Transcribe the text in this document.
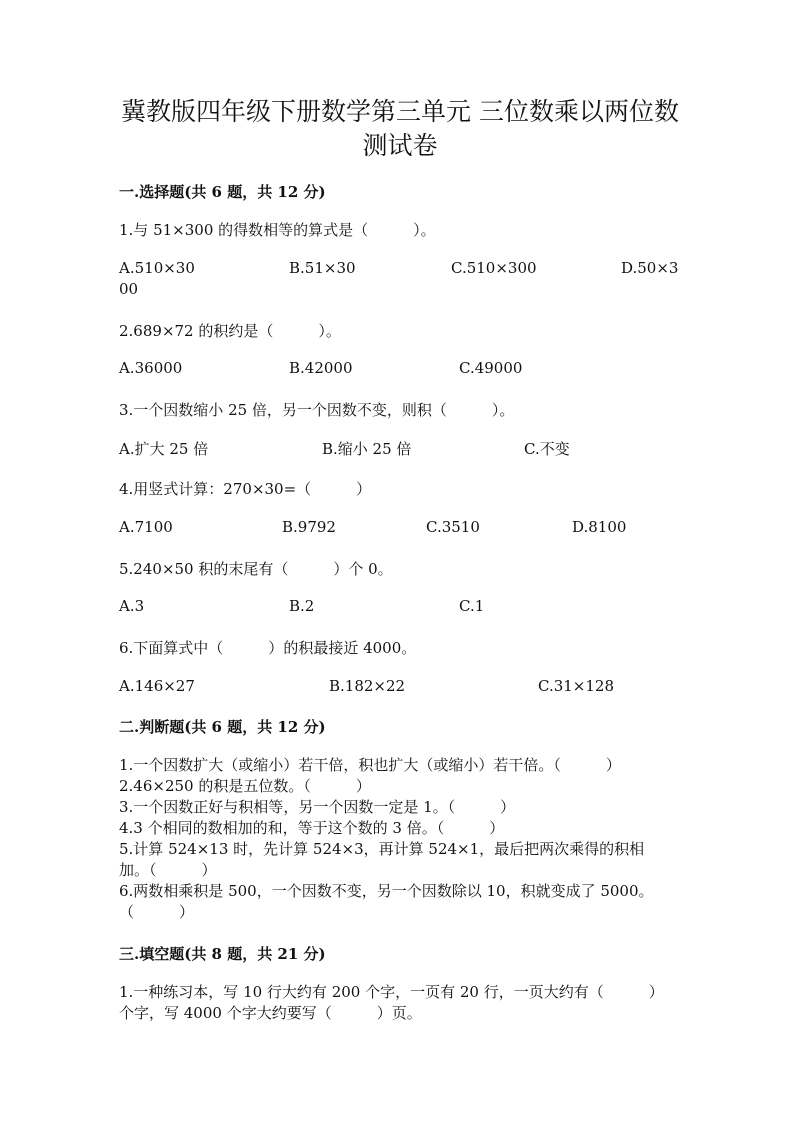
冀教版四年级下册数学第三单元 三位数乘以两位数
测试卷
一.选择题(共 6 题，共 12 分)
1.与 51×300 的得数相等的算式是（　　　）。
A.510×30	B.51×30	C.510×300	D.50×3
00
2.689×72 的积约是（　　　）。
A.36000	B.42000	C.49000
3.一个因数缩小 25 倍，另一个因数不变，则积（　　　）。
A.扩大 25 倍	B.缩小 25 倍	C.不变
4.用竖式计算：270×30=（　　　）
A.7100	B.9792	C.3510	D.8100
5.240×50 积的末尾有（　　　）个 0。
A.3	B.2	C.1
6.下面算式中（　　　）的积最接近 4000。
A.146×27	B.182×22	C.31×128
二.判断题(共 6 题，共 12 分)
1.一个因数扩大（或缩小）若干倍，积也扩大（或缩小）若干倍。（　　　）
2.46×250 的积是五位数。（　　　）
3.一个因数正好与积相等，另一个因数一定是 1。（　　　）
4.3 个相同的数相加的和，等于这个数的 3 倍。（　　　）
5.计算 524×13 时，先计算 524×3，再计算 524×1，最后把两次乘得的积相
加。（　　　）
6.两数相乘积是 500，一个因数不变，另一个因数除以 10，积就变成了 5000。
（　　　）
三.填空题(共 8 题，共 21 分)
1.一种练习本，写 10 行大约有 200 个字，一页有 20 行，一页大约有（　　　）
个字，写 4000 个字大约要写（　　　）页。
